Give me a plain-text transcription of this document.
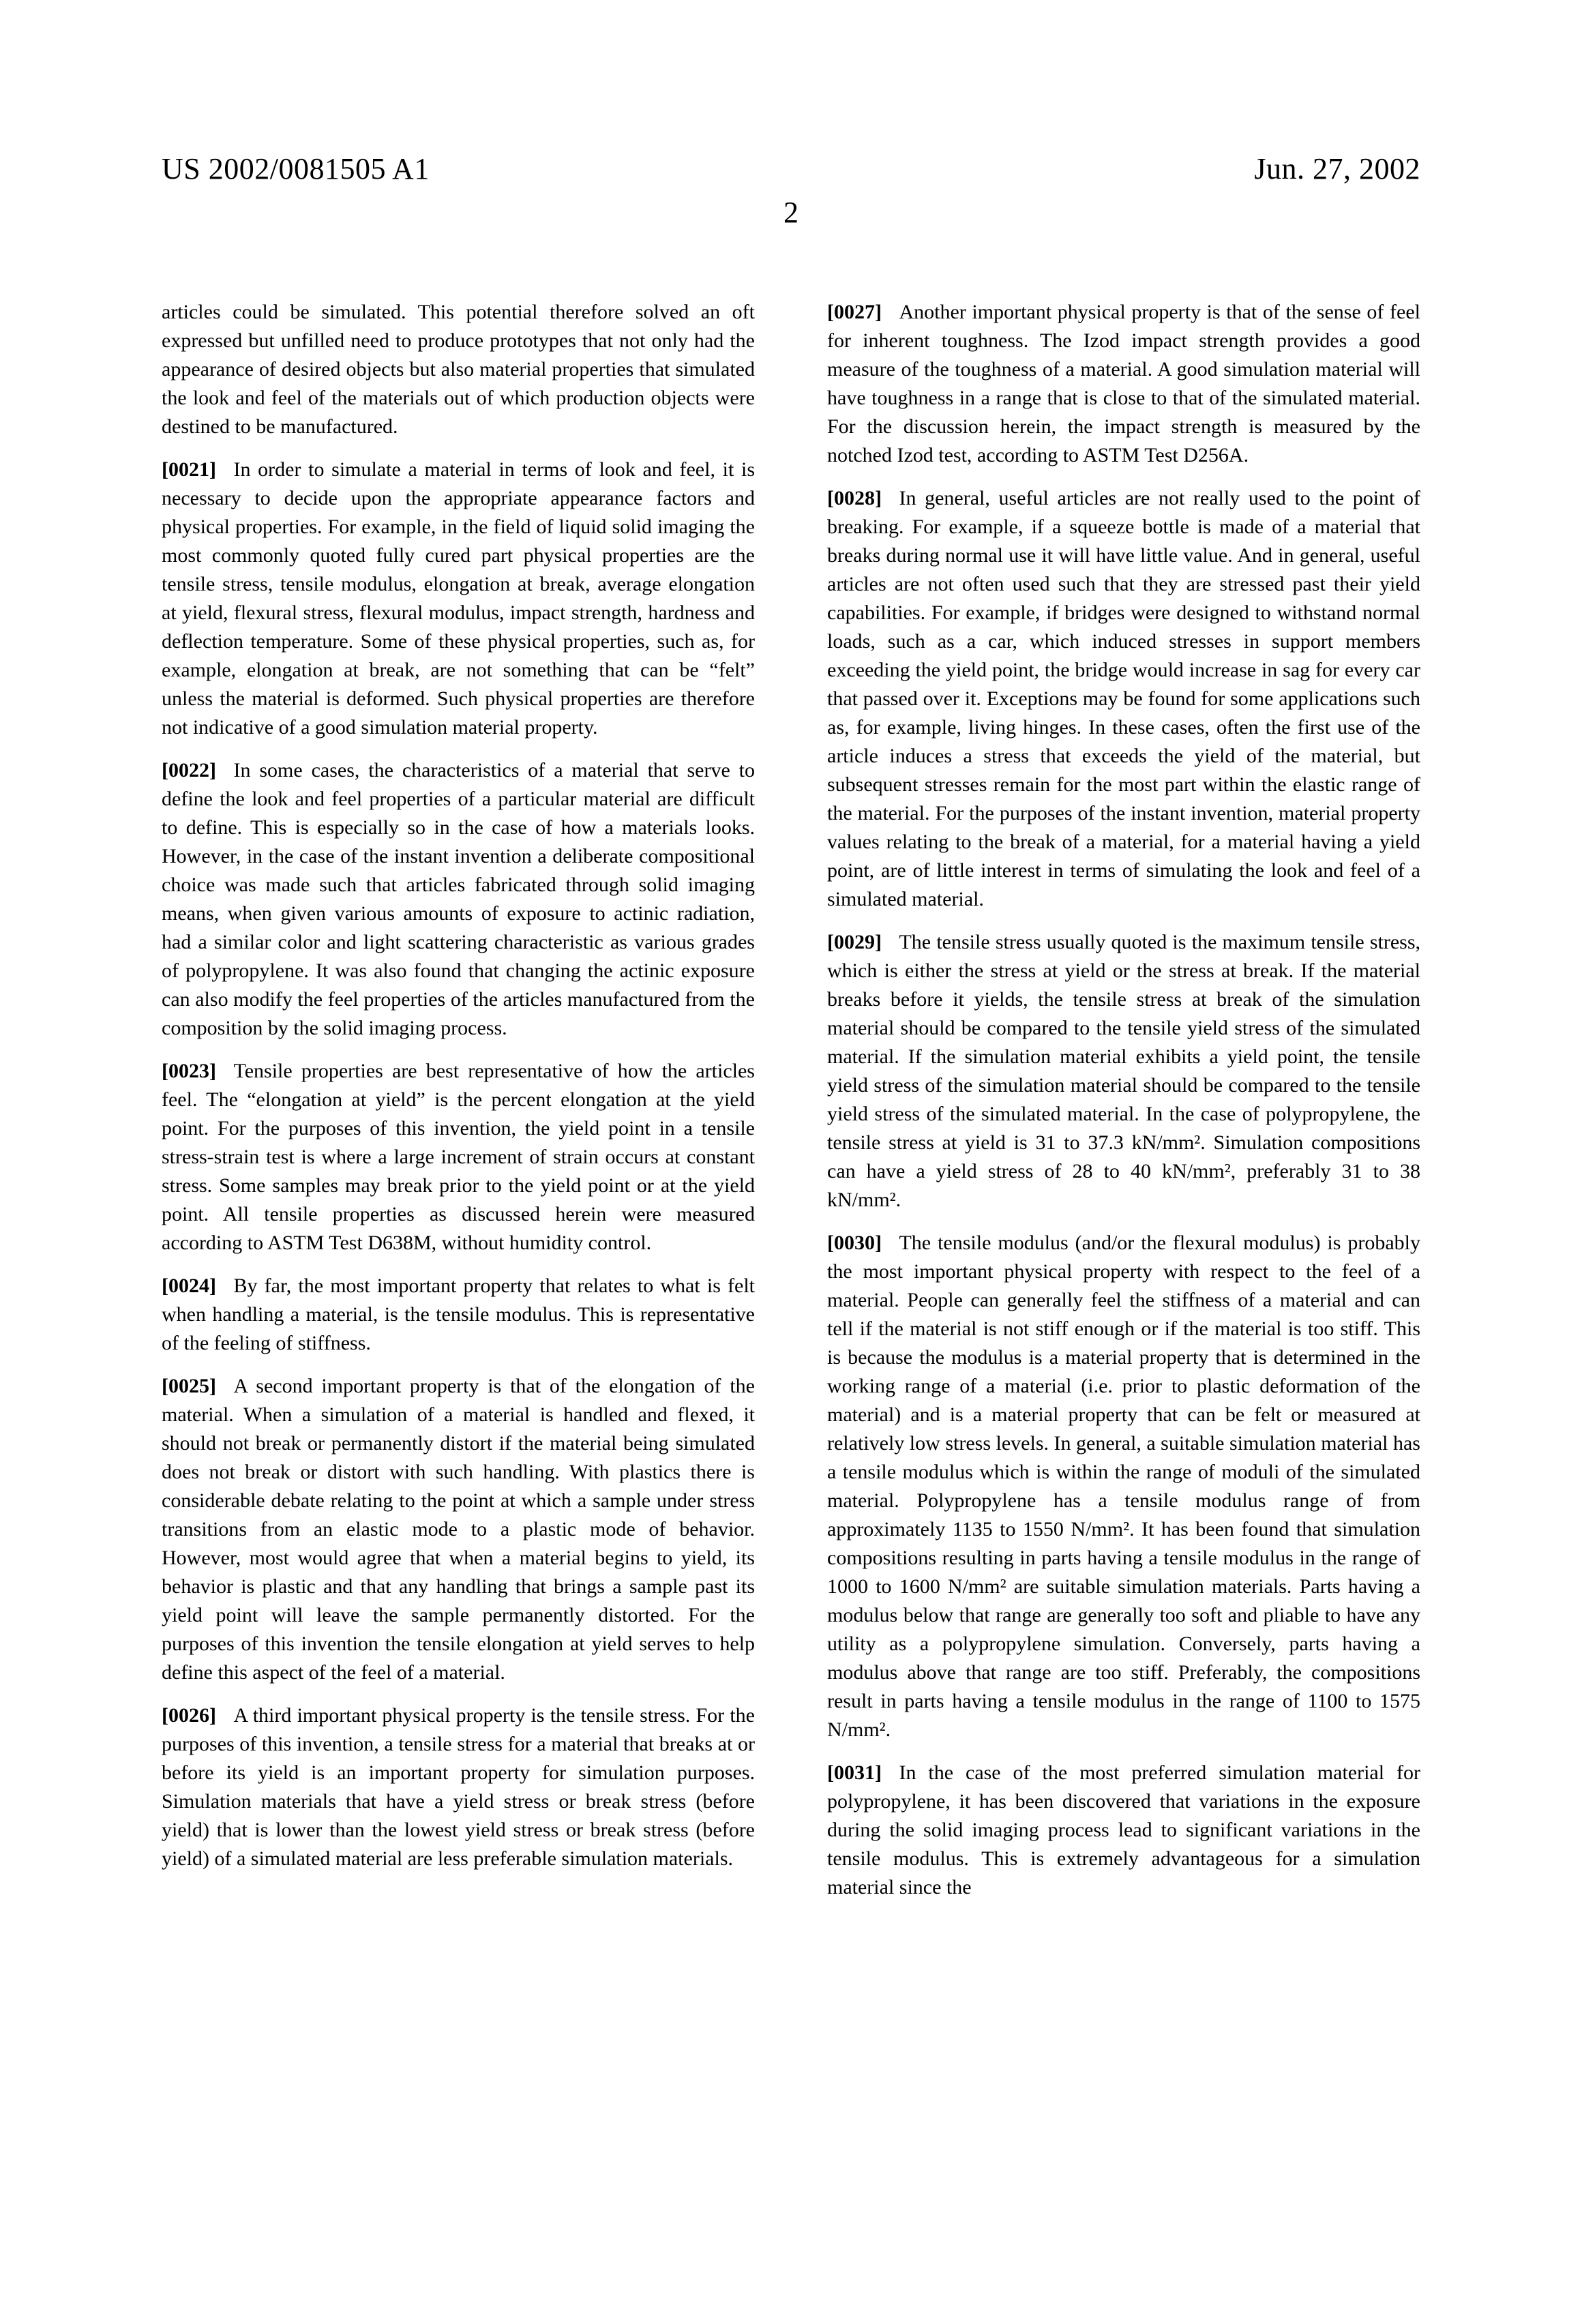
US 2002/0081505 A1	Jun. 27, 2002
2

articles could be simulated. This potential therefore solved an oft expressed but unfilled need to produce prototypes that not only had the appearance of desired objects but also material properties that simulated the look and feel of the materials out of which production objects were destined to be manufactured.

[0021] In order to simulate a material in terms of look and feel, it is necessary to decide upon the appropriate appearance factors and physical properties. For example, in the field of liquid solid imaging the most commonly quoted fully cured part physical properties are the tensile stress, tensile modulus, elongation at break, average elongation at yield, flexural stress, flexural modulus, impact strength, hardness and deflection temperature. Some of these physical properties, such as, for example, elongation at break, are not something that can be “felt” unless the material is deformed. Such physical properties are therefore not indicative of a good simulation material property.

[0022] In some cases, the characteristics of a material that serve to define the look and feel properties of a particular material are difficult to define. This is especially so in the case of how a materials looks. However, in the case of the instant invention a deliberate compositional choice was made such that articles fabricated through solid imaging means, when given various amounts of exposure to actinic radiation, had a similar color and light scattering characteristic as various grades of polypropylene. It was also found that changing the actinic exposure can also modify the feel properties of the articles manufactured from the composition by the solid imaging process.

[0023] Tensile properties are best representative of how the articles feel. The “elongation at yield” is the percent elongation at the yield point. For the purposes of this invention, the yield point in a tensile stress-strain test is where a large increment of strain occurs at constant stress. Some samples may break prior to the yield point or at the yield point. All tensile properties as discussed herein were measured according to ASTM Test D638M, without humidity control.

[0024] By far, the most important property that relates to what is felt when handling a material, is the tensile modulus. This is representative of the feeling of stiffness.

[0025] A second important property is that of the elongation of the material. When a simulation of a material is handled and flexed, it should not break or permanently distort if the material being simulated does not break or distort with such handling. With plastics there is considerable debate relating to the point at which a sample under stress transitions from an elastic mode to a plastic mode of behavior. However, most would agree that when a material begins to yield, its behavior is plastic and that any handling that brings a sample past its yield point will leave the sample permanently distorted. For the purposes of this invention the tensile elongation at yield serves to help define this aspect of the feel of a material.

[0026] A third important physical property is the tensile stress. For the purposes of this invention, a tensile stress for a material that breaks at or before its yield is an important property for simulation purposes. Simulation materials that have a yield stress or break stress (before yield) that is lower than the lowest yield stress or break stress (before yield) of a simulated material are less preferable simulation materials.

[0027] Another important physical property is that of the sense of feel for inherent toughness. The Izod impact strength provides a good measure of the toughness of a material. A good simulation material will have toughness in a range that is close to that of the simulated material. For the discussion herein, the impact strength is measured by the notched Izod test, according to ASTM Test D256A.

[0028] In general, useful articles are not really used to the point of breaking. For example, if a squeeze bottle is made of a material that breaks during normal use it will have little value. And in general, useful articles are not often used such that they are stressed past their yield capabilities. For example, if bridges were designed to withstand normal loads, such as a car, which induced stresses in support members exceeding the yield point, the bridge would increase in sag for every car that passed over it. Exceptions may be found for some applications such as, for example, living hinges. In these cases, often the first use of the article induces a stress that exceeds the yield of the material, but subsequent stresses remain for the most part within the elastic range of the material. For the purposes of the instant invention, material property values relating to the break of a material, for a material having a yield point, are of little interest in terms of simulating the look and feel of a simulated material.

[0029] The tensile stress usually quoted is the maximum tensile stress, which is either the stress at yield or the stress at break. If the material breaks before it yields, the tensile stress at break of the simulation material should be compared to the tensile yield stress of the simulated material. If the simulation material exhibits a yield point, the tensile yield stress of the simulation material should be compared to the tensile yield stress of the simulated material. In the case of polypropylene, the tensile stress at yield is 31 to 37.3 kN/mm². Simulation compositions can have a yield stress of 28 to 40 kN/mm², preferably 31 to 38 kN/mm².

[0030] The tensile modulus (and/or the flexural modulus) is probably the most important physical property with respect to the feel of a material. People can generally feel the stiffness of a material and can tell if the material is not stiff enough or if the material is too stiff. This is because the modulus is a material property that is determined in the working range of a material (i.e. prior to plastic deformation of the material) and is a material property that can be felt or measured at relatively low stress levels. In general, a suitable simulation material has a tensile modulus which is within the range of moduli of the simulated material. Polypropylene has a tensile modulus range of from approximately 1135 to 1550 N/mm². It has been found that simulation compositions resulting in parts having a tensile modulus in the range of 1000 to 1600 N/mm² are suitable simulation materials. Parts having a modulus below that range are generally too soft and pliable to have any utility as a polypropylene simulation. Conversely, parts having a modulus above that range are too stiff. Preferably, the compositions result in parts having a tensile modulus in the range of 1100 to 1575 N/mm².

[0031] In the case of the most preferred simulation material for polypropylene, it has been discovered that variations in the exposure during the solid imaging process lead to significant variations in the tensile modulus. This is extremely advantageous for a simulation material since the
